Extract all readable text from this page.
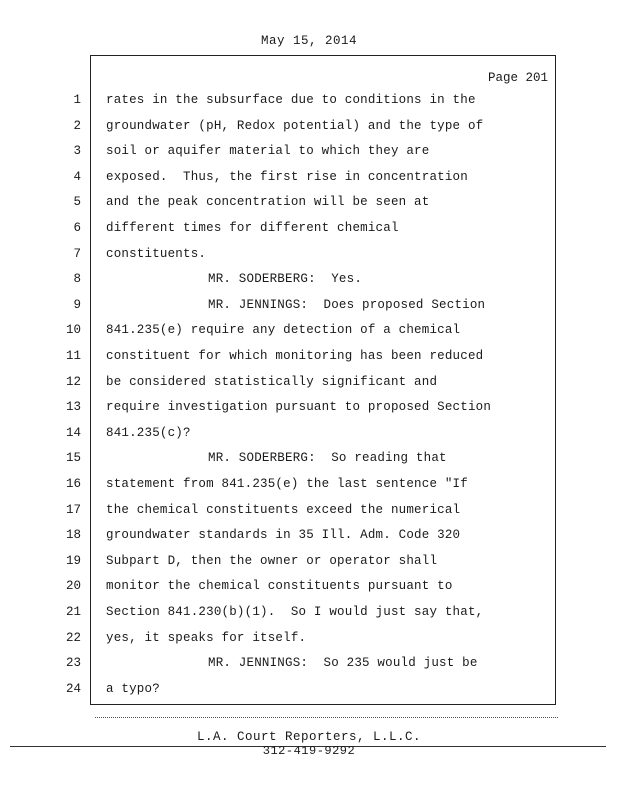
May 15, 2014
Page 201
1 rates in the subsurface due to conditions in the
2 groundwater (pH, Redox potential) and the type of
3 soil or aquifer material to which they are
4 exposed.  Thus, the first rise in concentration
5 and the peak concentration will be seen at
6 different times for different chemical
7 constituents.
8	MR. SODERBERG:  Yes.
9	MR. JENNINGS:  Does proposed Section
10 841.235(e) require any detection of a chemical
11 constituent for which monitoring has been reduced
12 be considered statistically significant and
13 require investigation pursuant to proposed Section
14 841.235(c)?
15	MR. SODERBERG:  So reading that
16 statement from 841.235(e) the last sentence "If
17 the chemical constituents exceed the numerical
18 groundwater standards in 35 Ill. Adm. Code 320
19 Subpart D, then the owner or operator shall
20 monitor the chemical constituents pursuant to
21 Section 841.230(b)(1).  So I would just say that,
22 yes, it speaks for itself.
23	MR. JENNINGS:  So 235 would just be
24 a typo?
L.A. Court Reporters, L.L.C.
312-419-9292
